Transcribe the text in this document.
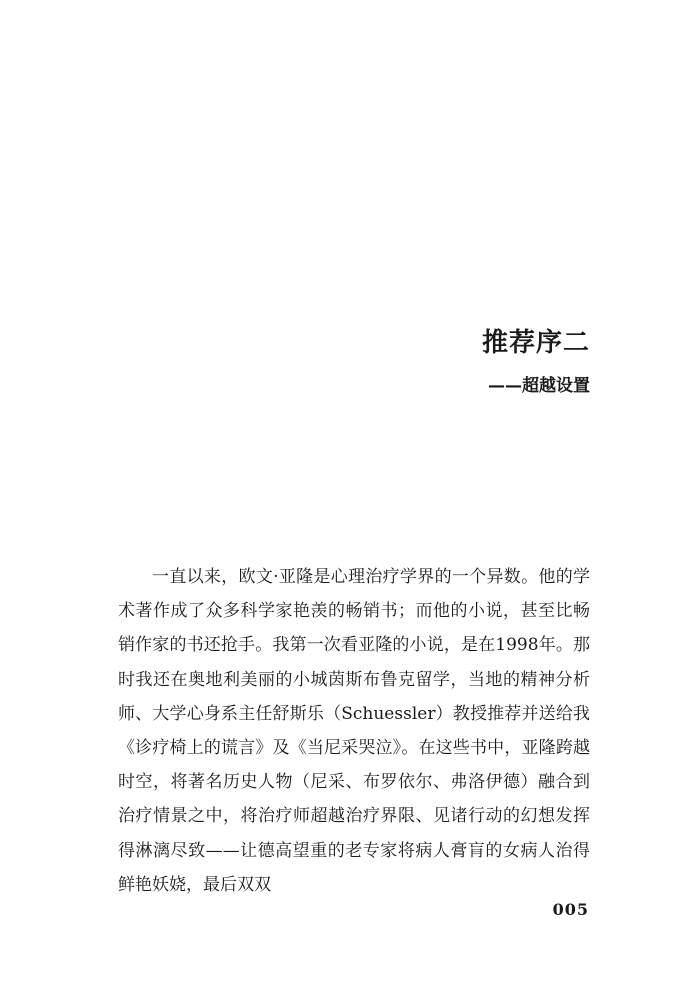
推荐序二
——超越设置

一直以来，欧文·亚隆是心理治疗学界的一个异数。他的学术著作成了众多科学家艳羡的畅销书；而他的小说，甚至比畅销作家的书还抢手。我第一次看亚隆的小说，是在1998年。那时我还在奥地利美丽的小城茵斯布鲁克留学，当地的精神分析师、大学心身系主任舒斯乐（Schuessler）教授推荐并送给我《诊疗椅上的谎言》及《当尼采哭泣》。在这些书中，亚隆跨越时空，将著名历史人物（尼采、布罗依尔、弗洛伊德）融合到治疗情景之中，将治疗师超越治疗界限、见诸行动的幻想发挥得淋漓尽致——让德高望重的老专家将病人膏肓的女病人治得鲜艳妖娆，最后双双

005
